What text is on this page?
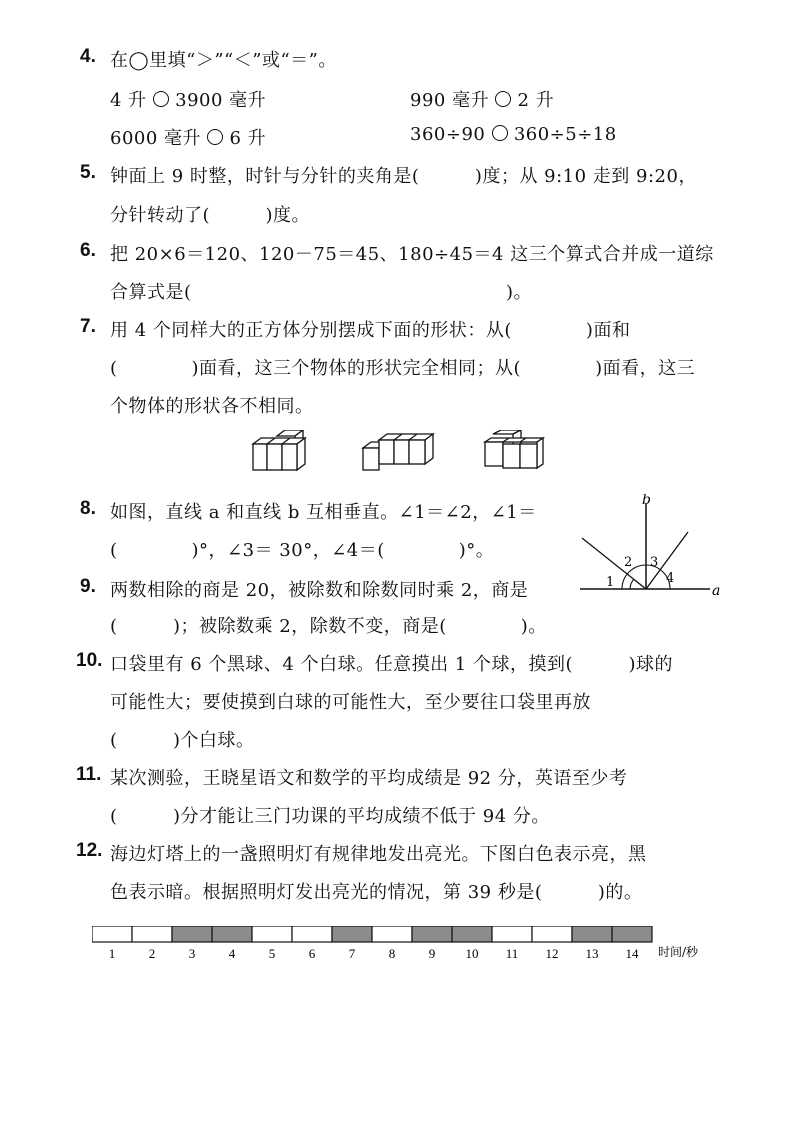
4. 在◯里填“＞”“＜”或“＝”。
4 升 3900 毫升	990 毫升 2 升
6000 毫升 6 升	360÷90 360÷5÷18
5. 钟面上 9 时整，时针与分针的夹角是(　　　)度；从 9:10 走到 9:20，
分针转动了(　　　)度。
6. 把 20×6＝120、120－75＝45、180÷45＝4 这三个算式合并成一道综
合算式是(　　　　　　　　　　　　　　　　　)。
7. 用 4 个同样大的正方体分别摆成下面的形状：从(　　　　)面和
(　　　　)面看，这三个物体的形状完全相同；从(　　　　)面看，这三
个物体的形状各不相同。
8. 如图，直线 a 和直线 b 互相垂直。∠1＝∠2，∠1＝
(　　　　)°，∠3＝ 30°，∠4＝(　　　　)°。
b
a
1
2 3
4
9. 两数相除的商是 20，被除数和除数同时乘 2，商是
(　　　)；被除数乘 2，除数不变，商是(　　　　)。
10. 口袋里有 6 个黑球、4 个白球。任意摸出 1 个球，摸到(　　　)球的
可能性大；要使摸到白球的可能性大，至少要往口袋里再放
(　　　)个白球。
11. 某次测验，王晓星语文和数学的平均成绩是 92 分，英语至少考
(　　　)分才能让三门功课的平均成绩不低于 94 分。
12. 海边灯塔上的一盏照明灯有规律地发出亮光。下图白色表示亮，黑
色表示暗。根据照明灯发出亮光的情况，第 39 秒是(　　　)的。
1	2	3	4	5	6	7	8	9 10 11 12 13 14 时间/秒
